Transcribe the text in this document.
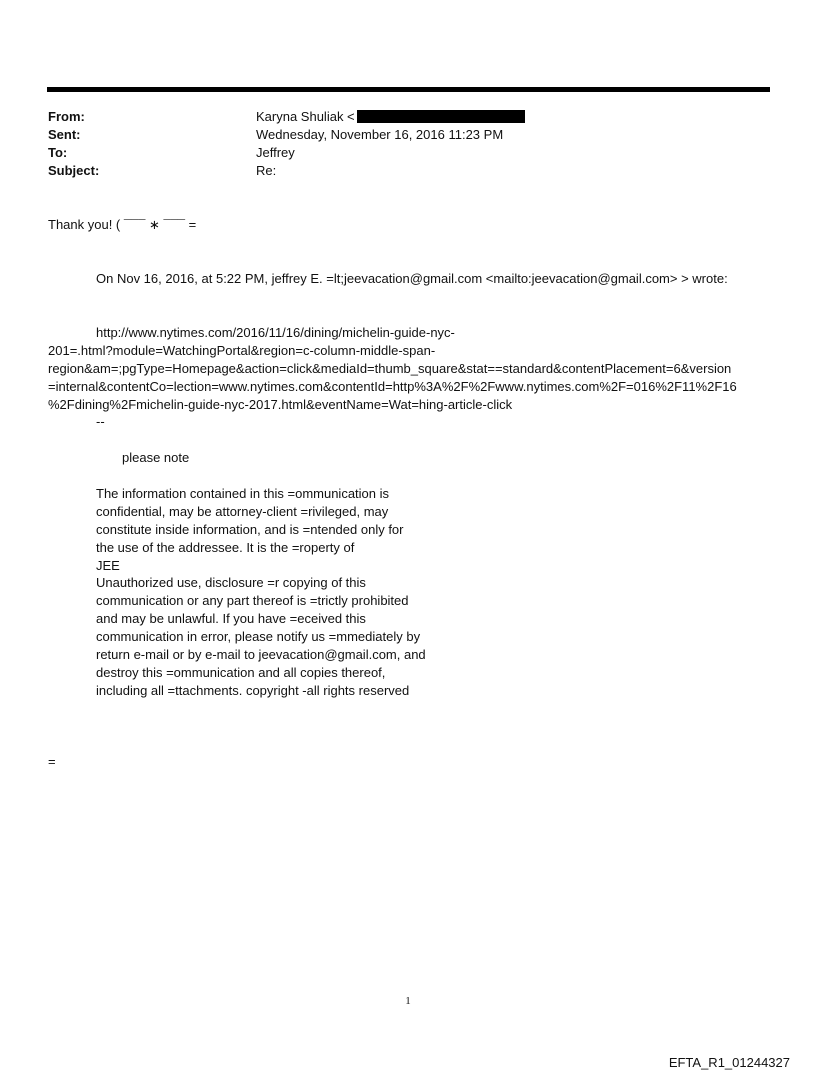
From:	Karyna Shuliak <
Sent:	Wednesday, November 16, 2016 11:23 PM
To:	Jeffrey
Subject:	Re:
Thank you! ( ¯¯¯ ∗ ¯¯¯ =
On Nov 16, 2016, at 5:22 PM, jeffrey E. =lt;jeevacation@gmail.com <mailto:jeevacation@gmail.com> > wrote:
http://www.nytimes.com/2016/11/16/dining/michelin-guide-nyc-
201=.html?module=WatchingPortal&region=c-column-middle-span-
region&am=;pgType=Homepage&action=click&mediaId=thumb_square&stat==standard&contentPlacement=6&version
=internal&contentCo=lection=www.nytimes.com&contentId=http%3A%2F%2Fwww.nytimes.com%2F=016%2F11%2F16
%2Fdining%2Fmichelin-guide-nyc-2017.html&eventName=Wat=hing-article-click
--
please note
The information contained in this =ommunication is
confidential, may be attorney-client =rivileged, may
constitute inside information, and is =ntended only for
the use of the addressee. It is the =roperty of
JEE
Unauthorized use, disclosure =r copying of this
communication or any part thereof is =trictly prohibited
and may be unlawful. If you have =eceived this
communication in error, please notify us =mmediately by
return e-mail or by e-mail to jeevacation@gmail.com, and
destroy this =ommunication and all copies thereof,
including all =ttachments. copyright -all rights reserved
=
1
EFTA_R1_01244327
